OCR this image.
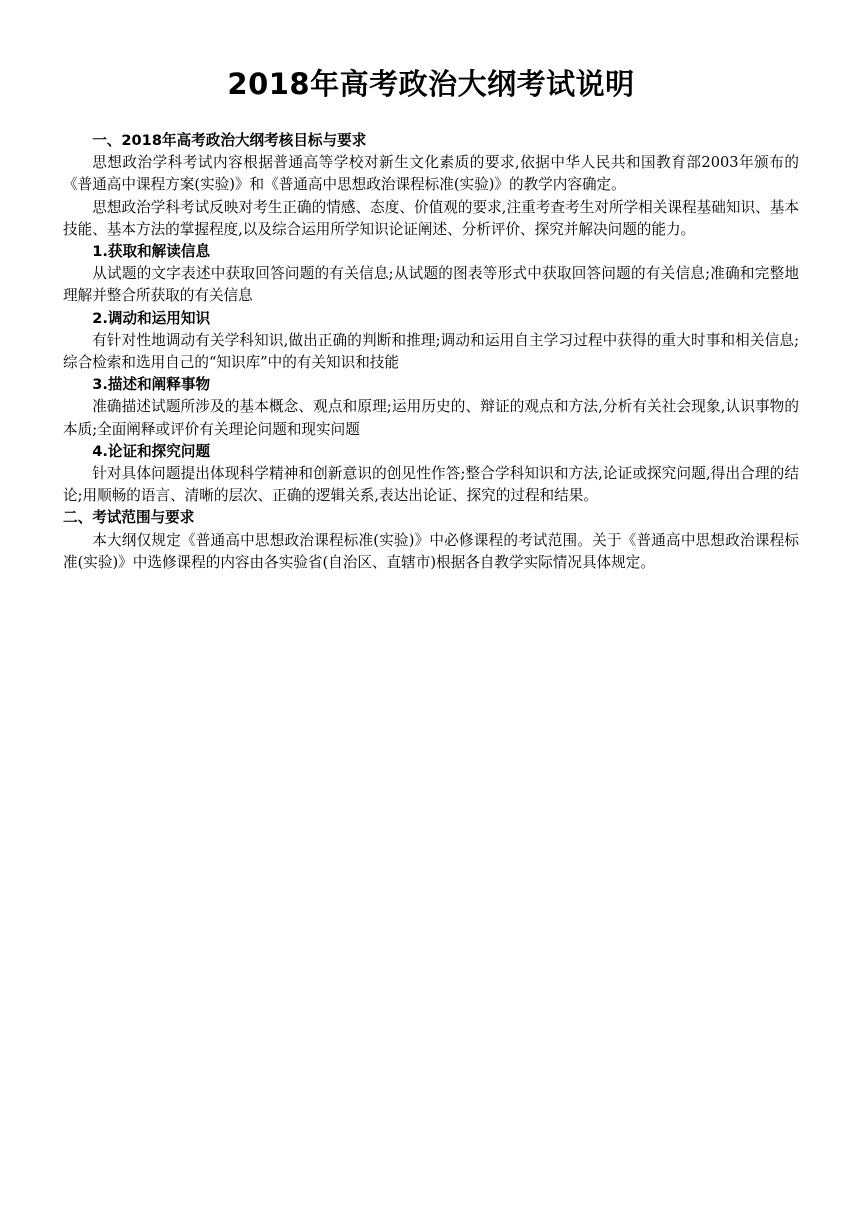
2018年高考政治大纲考试说明

一、2018年高考政治大纲考核目标与要求

思想政治学科考试内容根据普通高等学校对新生文化素质的要求,依据中华人民共和国教育部2003年颁布的《普通高中课程方案(实验)》和《普通高中思想政治课程标准(实验)》的教学内容确定。

思想政治学科考试反映对考生正确的情感、态度、价值观的要求,注重考查考生对所学相关课程基础知识、基本技能、基本方法的掌握程度,以及综合运用所学知识论证阐述、分析评价、探究并解决问题的能力。

1.获取和解读信息

从试题的文字表述中获取回答问题的有关信息;从试题的图表等形式中获取回答问题的有关信息;准确和完整地理解并整合所获取的有关信息

2.调动和运用知识

有针对性地调动有关学科知识,做出正确的判断和推理;调动和运用自主学习过程中获得的重大时事和相关信息;综合检索和选用自己的“知识库”中的有关知识和技能

3.描述和阐释事物

准确描述试题所涉及的基本概念、观点和原理;运用历史的、辩证的观点和方法,分析有关社会现象,认识事物的本质;全面阐释或评价有关理论问题和现实问题

4.论证和探究问题

针对具体问题提出体现科学精神和创新意识的创见性作答;整合学科知识和方法,论证或探究问题,得出合理的结论;用顺畅的语言、清晰的层次、正确的逻辑关系,表达出论证、探究的过程和结果。

二、考试范围与要求

本大纲仅规定《普通高中思想政治课程标准(实验)》中必修课程的考试范围。关于《普通高中思想政治课程标准(实验)》中选修课程的内容由各实验省(自治区、直辖市)根据各自教学实际情况具体规定。
